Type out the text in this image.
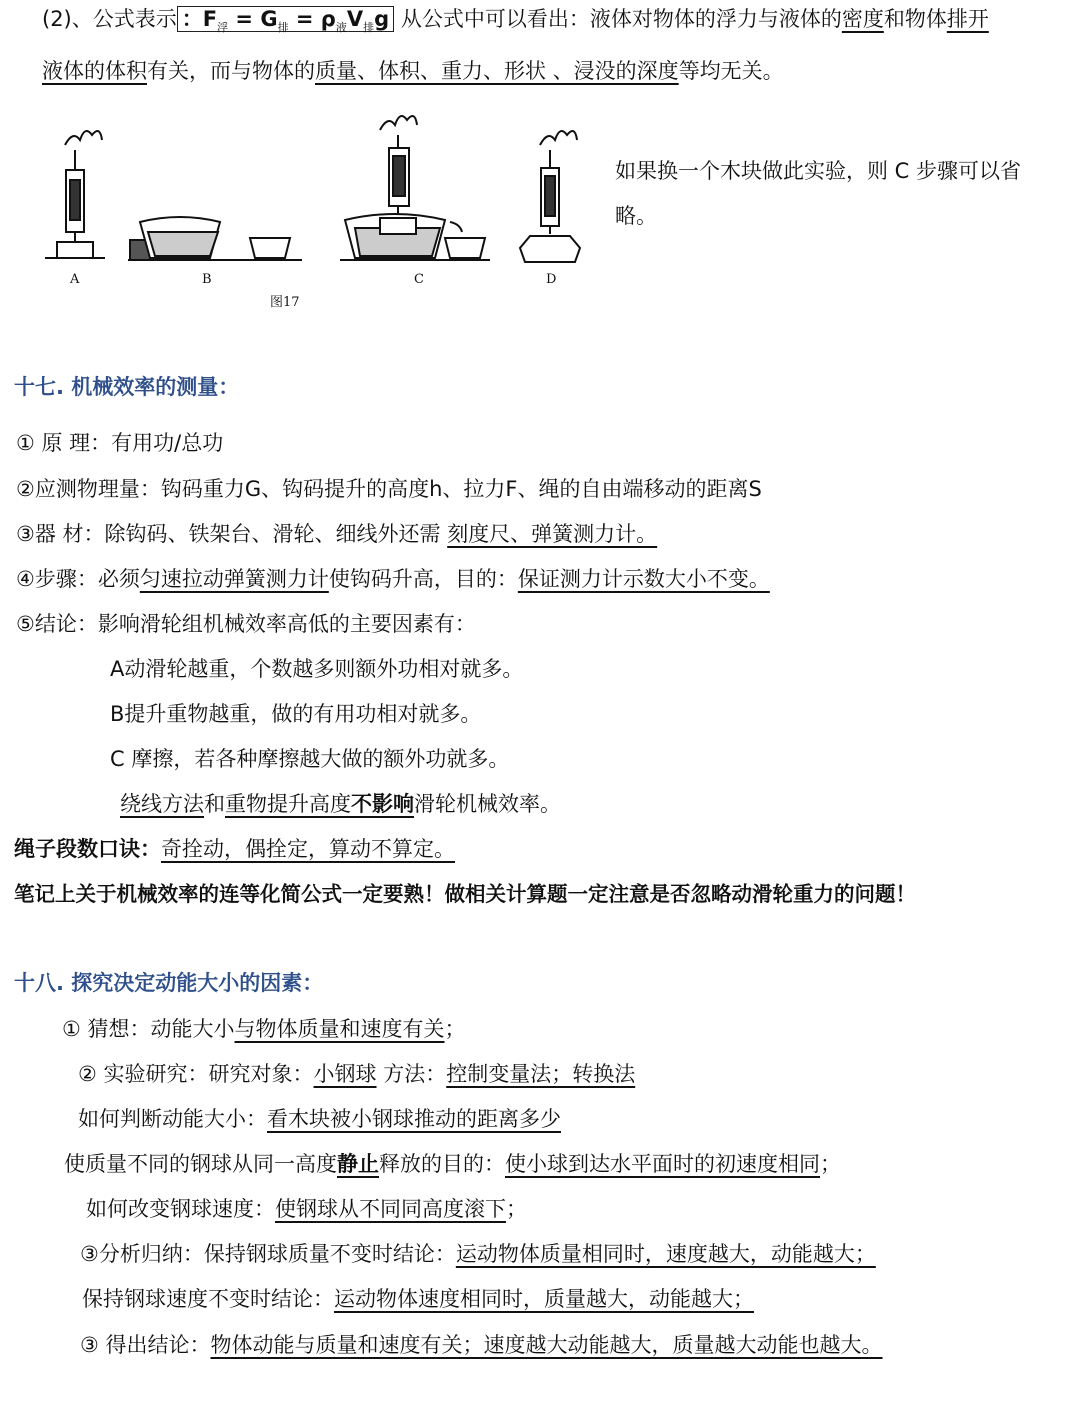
(2)、公式表示 ：$F_浮 = G_排 = \rho_液V_排g$ 从公式中可以看出：液体对物体的浮力与液体的密度和物体排开
液体的体积有关，而与物体的质量、体积、重力、形状 、浸没的深度等均无关。
A	B	C	D
图17
如果换一个木块做此实验，则 C 步骤可以省
略。
十七. 机械效率的测量：
① 原 理：有用功/总功
②应测物理量：钩码重力G、钩码提升的高度h、拉力F、绳的自由端移动的距离S
③器 材：除钩码、铁架台、滑轮、细线外还需 刻度尺、弹簧测力计。
④步骤：必须匀速拉动弹簧测力计使钩码升高，目的：保证测力计示数大小不变。
⑤结论：影响滑轮组机械效率高低的主要因素有：
A动滑轮越重，个数越多则额外功相对就多。
B提升重物越重，做的有用功相对就多。
C 摩擦，若各种摩擦越大做的额外功就多。
绕线方法和重物提升高度不影响滑轮机械效率。
绳子段数口诀：奇拴动，偶拴定，算动不算定。
笔记上关于机械效率的连等化简公式一定要熟！做相关计算题一定注意是否忽略动滑轮重力的问题！
十八. 探究决定动能大小的因素：
① 猜想：动能大小与物体质量和速度有关；
② 实验研究：研究对象：小钢球 方法：控制变量法；转换法
如何判断动能大小：看木块被小钢球推动的距离多少
使质量不同的钢球从同一高度静止释放的目的：使小球到达水平面时的初速度相同；
如何改变钢球速度：使钢球从不同同高度滚下；
③分析归纳：保持钢球质量不变时结论：运动物体质量相同时，速度越大，动能越大；
保持钢球速度不变时结论：运动物体速度相同时，质量越大，动能越大；
③ 得出结论：物体动能与质量和速度有关；速度越大动能越大，质量越大动能也越大。
